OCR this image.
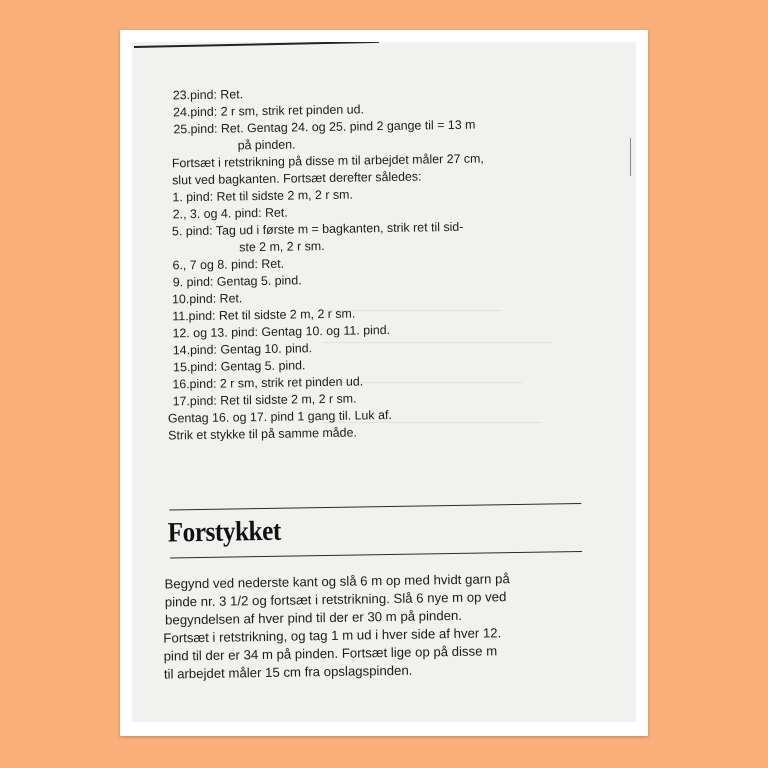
23.pind: Ret.
24.pind: 2 r sm, strik ret pinden ud.
25.pind: Ret. Gentag 24. og 25. pind 2 gange til = 13 m
på pinden.
Fortsæt i retstrikning på disse m til arbejdet måler 27 cm,
slut ved bagkanten. Fortsæt derefter således:
1. pind: Ret til sidste 2 m, 2 r sm.
2., 3. og 4. pind: Ret.
5. pind: Tag ud i første m = bagkanten, strik ret til sid-
ste 2 m, 2 r sm.
6., 7 og 8. pind: Ret.
9. pind: Gentag 5. pind.
10.pind: Ret.
11.pind: Ret til sidste 2 m, 2 r sm.
12. og 13. pind: Gentag 10. og 11. pind.
14.pind: Gentag 10. pind.
15.pind: Gentag 5. pind.
16.pind: 2 r sm, strik ret pinden ud.
17.pind: Ret til sidste 2 m, 2 r sm.
Gentag 16. og 17. pind 1 gang til. Luk af.
Strik et stykke til på samme måde.
Forstykket
Begynd ved nederste kant og slå 6 m op med hvidt garn på
pinde nr. 3 1/2 og fortsæt i retstrikning. Slå 6 nye m op ved
begyndelsen af hver pind til der er 30 m på pinden.
Fortsæt i retstrikning, og tag 1 m ud i hver side af hver 12.
pind til der er 34 m på pinden. Fortsæt lige op på disse m
til arbejdet måler 15 cm fra opslagspinden.
